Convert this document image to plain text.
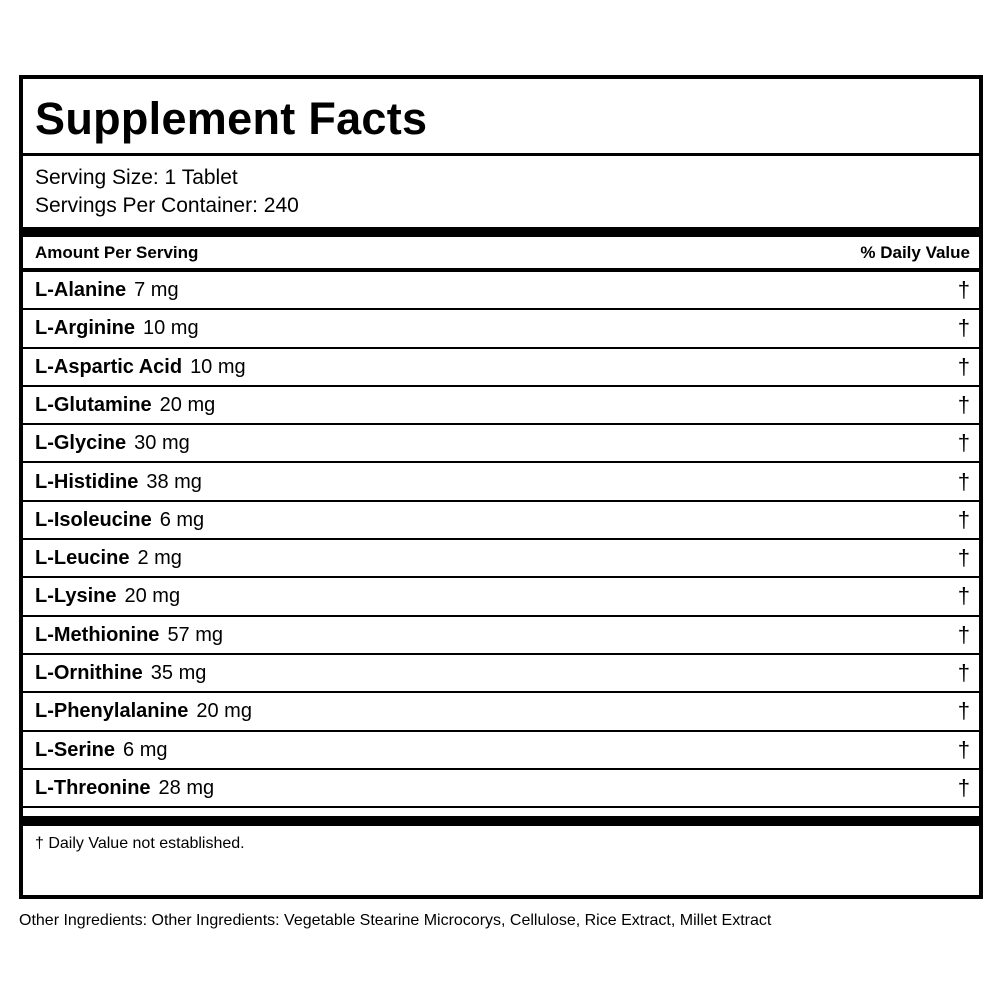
Supplement Facts
Serving Size: 1 Tablet
Servings Per Container: 240
Amount Per Serving	% Daily Value
L-Alanine 7 mg	†
L-Arginine 10 mg	†
L-Aspartic Acid 10 mg	†
L-Glutamine 20 mg	†
L-Glycine 30 mg	†
L-Histidine 38 mg	†
L-Isoleucine 6 mg	†
L-Leucine 2 mg	†
L-Lysine 20 mg	†
L-Methionine 57 mg	†
L-Ornithine 35 mg	†
L-Phenylalanine 20 mg	†
L-Serine 6 mg	†
L-Threonine 28 mg	†
† Daily Value not established.
Other Ingredients: Other Ingredients: Vegetable Stearine Microcorys, Cellulose, Rice Extract, Millet Extract
